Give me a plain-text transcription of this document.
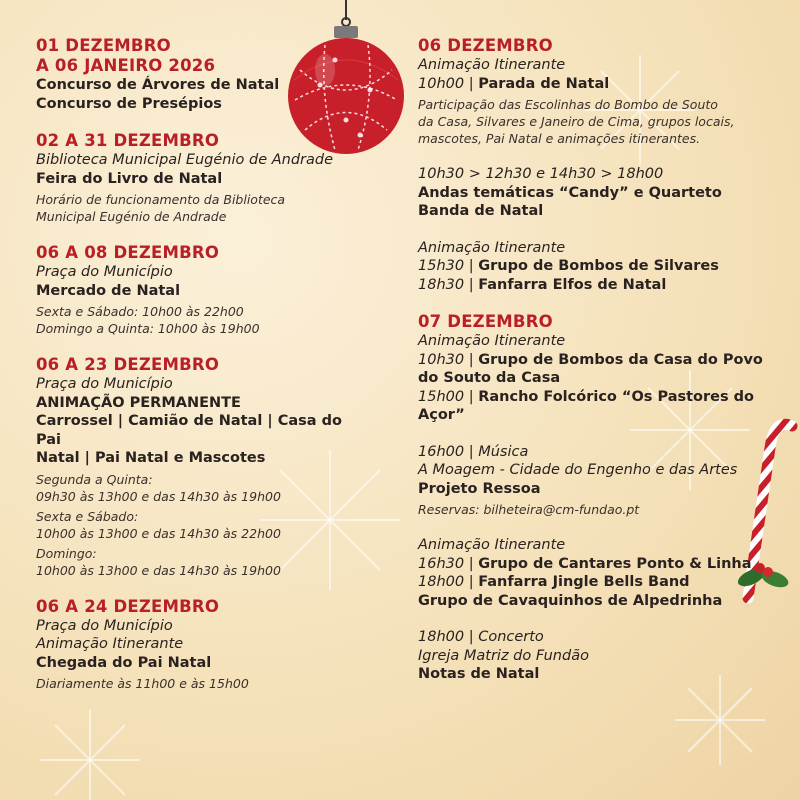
01 DEZEMBRO
A 06 JANEIRO 2026
Concurso de Árvores de Natal
Concurso de Presépios
02 A 31 DEZEMBRO
Biblioteca Municipal Eugénio de Andrade
Feira do Livro de Natal
Horário de funcionamento da Biblioteca
Municipal Eugénio de Andrade
06 A 08 DEZEMBRO
Praça do Município
Mercado de Natal
Sexta e Sábado: 10h00 às 22h00
Domingo a Quinta: 10h00 às 19h00
06 A 23 DEZEMBRO
Praça do Município
ANIMAÇÃO PERMANENTE
Carrossel | Camião de Natal | Casa do Pai
Natal | Pai Natal e Mascotes
Segunda a Quinta:
09h30 às 13h00 e das 14h30 às 19h00
Sexta e Sábado:
10h00 às 13h00 e das 14h30 às 22h00
Domingo:
10h00 às 13h00 e das 14h30 às 19h00
06 A 24 DEZEMBRO
Praça do Município
Animação Itinerante
Chegada do Pai Natal
Diariamente às 11h00 e às 15h00
06 DEZEMBRO
Animação Itinerante
10h00 | Parada de Natal
Participação das Escolinhas do Bombo de Souto
da Casa, Silvares e Janeiro de Cima, grupos locais,
mascotes, Pai Natal e animações itinerantes.
10h30 > 12h30 e 14h30 > 18h00
Andas temáticas “Candy” e Quarteto
Banda de Natal
Animação Itinerante
15h30 | Grupo de Bombos de Silvares
18h30 | Fanfarra Elfos de Natal
07 DEZEMBRO
Animação Itinerante
10h30 | Grupo de Bombos da Casa do Povo
do Souto da Casa
15h00 | Rancho Folcórico “Os Pastores do
Açor”
16h00 | Música
A Moagem - Cidade do Engenho e das Artes
Projeto Ressoa
Reservas: bilheteira@cm-fundao.pt
Animação Itinerante
16h30 | Grupo de Cantares Ponto & Linha
18h00 | Fanfarra Jingle Bells Band
Grupo de Cavaquinhos de Alpedrinha
18h00 | Concerto
Igreja Matriz do Fundão
Notas de Natal
